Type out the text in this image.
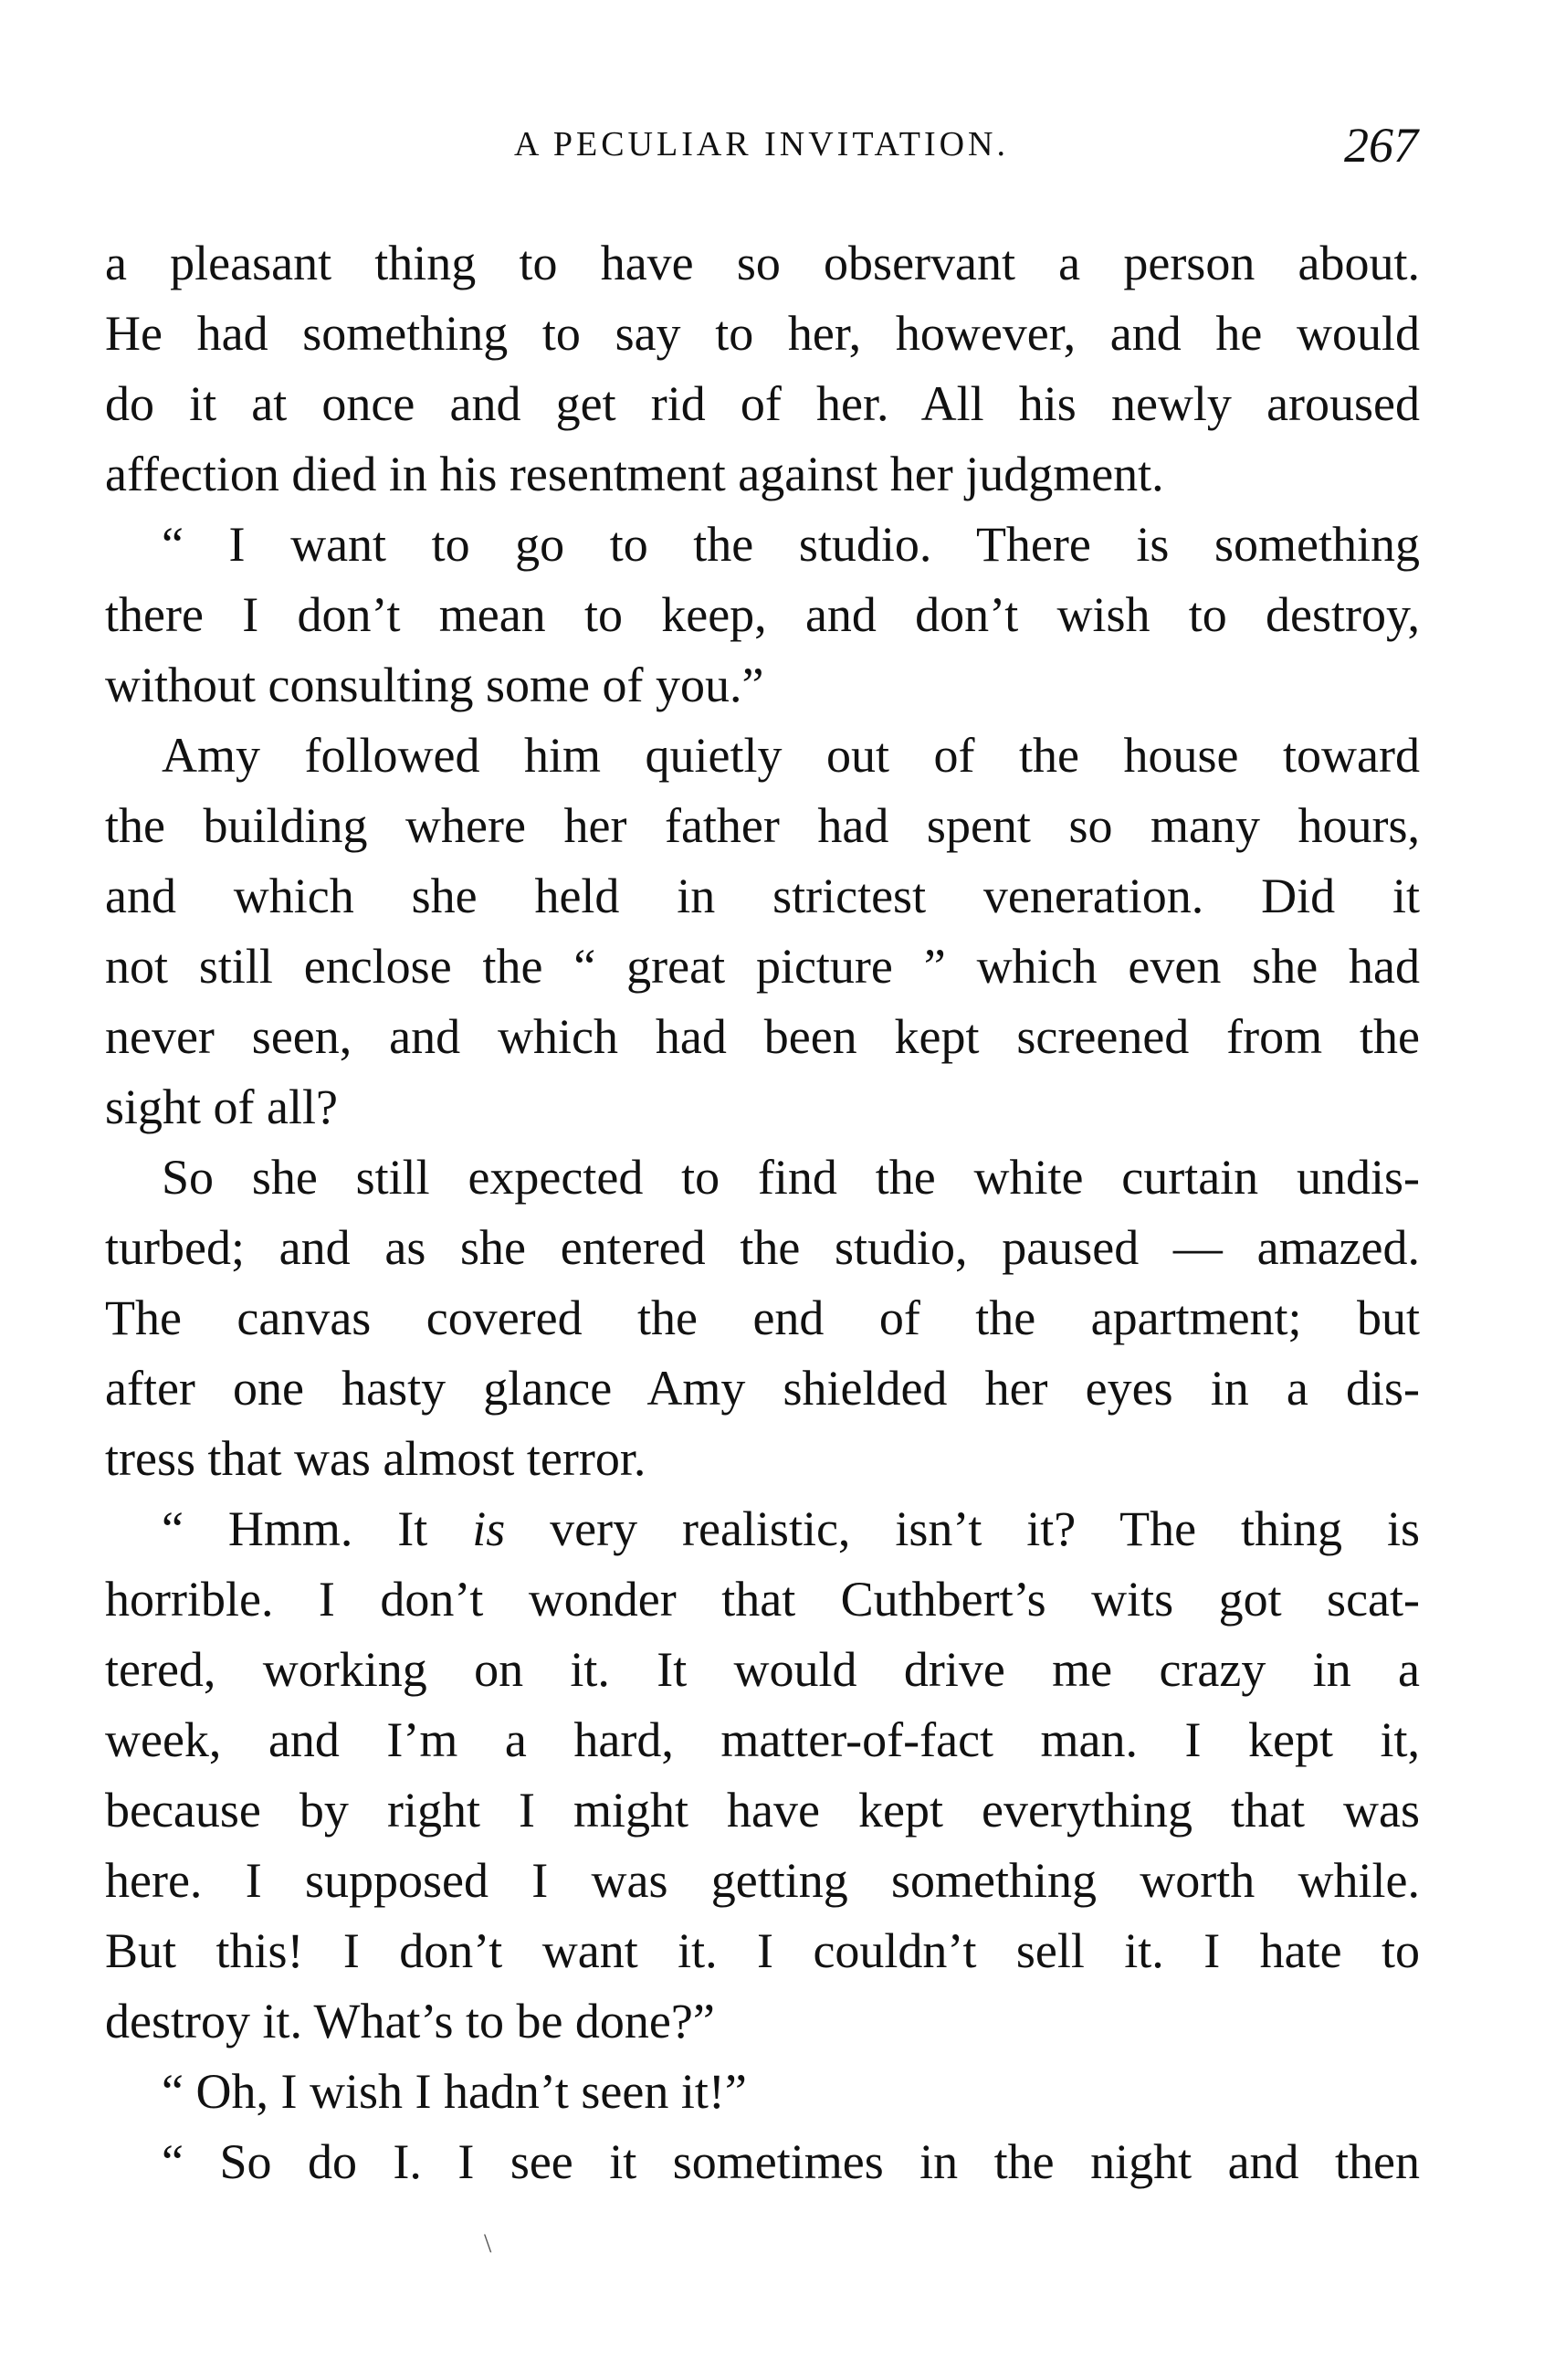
A PECULIAR INVITATION.	267
a pleasant thing to have so observant a person about.
He had something to say to her, however, and he would
do it at once and get rid of her. All his newly aroused
affection died in his resentment against her judgment.
“ I want to go to the studio. There is something
there I don’t mean to keep, and don’t wish to destroy,
without consulting some of you.”
Amy followed him quietly out of the house toward
the building where her father had spent so many hours,
and which she held in strictest veneration. Did it
not still enclose the “ great picture ” which even she had
never seen, and which had been kept screened from the
sight of all?
So she still expected to find the white curtain undis-
turbed; and as she entered the studio, paused — amazed.
The canvas covered the end of the apartment; but
after one hasty glance Amy shielded her eyes in a dis-
tress that was almost terror.
“ Hmm. It is very realistic, isn’t it? The thing is
horrible. I don’t wonder that Cuthbert’s wits got scat-
tered, working on it. It would drive me crazy in a
week, and I’m a hard, matter-of-fact man. I kept it,
because by right I might have kept everything that was
here. I supposed I was getting something worth while.
But this! I don’t want it. I couldn’t sell it. I hate to
destroy it. What’s to be done?”
“ Oh, I wish I hadn’t seen it!”
“ So do I. I see it sometimes in the night and then
\
